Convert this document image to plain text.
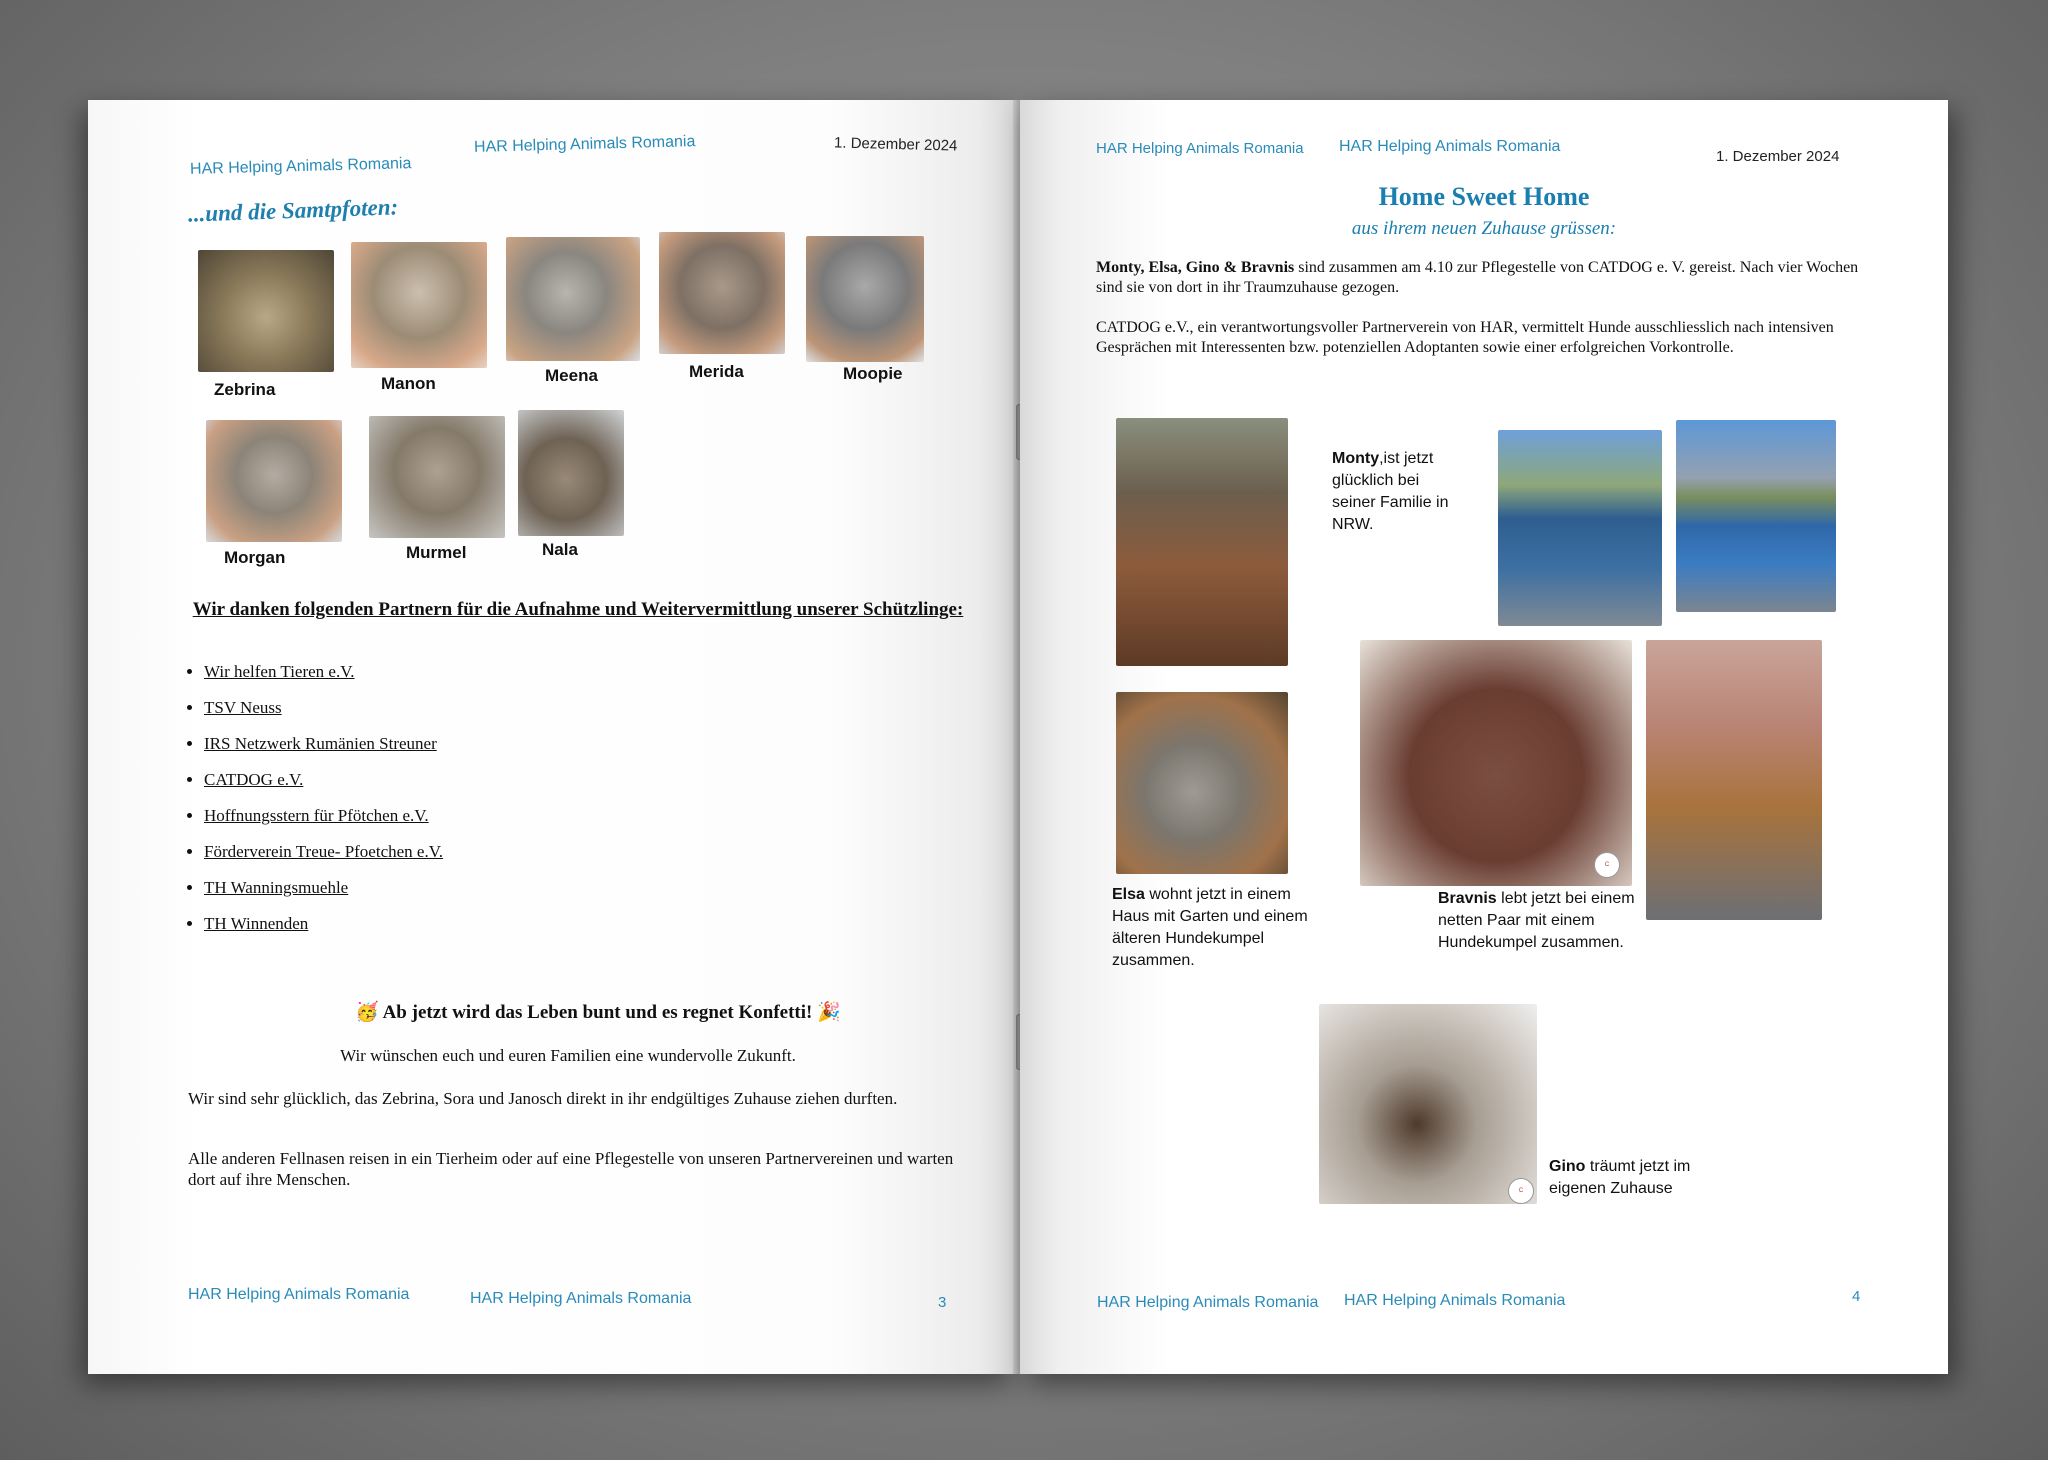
HAR Helping Animals Romania
HAR Helping Animals Romania	1. Dezember 2024
...und die Samtpfoten:
Zebrina	Manon	Meena	Merida	Moopie
Morgan	Murmel	Nala
Wir danken folgenden Partnern für die Aufnahme und Weitervermittlung unserer Schützlinge:
• Wir helfen Tieren e.V.
• TSV Neuss
• IRS Netzwerk Rumänien Streuner
• CATDOG e.V.
• Hoffnungsstern für Pfötchen e.V.
• Förderverein Treue- Pfoetchen e.V.
• TH Wanningsmuehle
• TH Winnenden
🥳 Ab jetzt wird das Leben bunt und es regnet Konfetti! 🎉
Wir wünschen euch und euren Familien eine wundervolle Zukunft.
Wir sind sehr glücklich, das Zebrina, Sora und Janosch direkt in ihr endgültiges Zuhause ziehen durften.
Alle anderen Fellnasen reisen in ein Tierheim oder auf eine Pflegestelle von unseren Partnervereinen und warten dort auf ihre Menschen.
HAR Helping Animals Romania	HAR Helping Animals Romania	3
HAR Helping Animals Romania HAR Helping Animals Romania
1. Dezember 2024
Home Sweet Home
aus ihrem neuen Zuhause grüssen:
Monty, Elsa, Gino & Bravnis sind zusammen am 4.10 zur Pflegestelle von CATDOG e. V. gereist. Nach vier Wochen sind sie von dort in ihr Traumzuhause gezogen.
CATDOG e.V., ein verantwortungsvoller Partnerverein von HAR, vermittelt Hunde ausschliesslich nach intensiven Gesprächen mit Interessenten bzw. potenziellen Adoptanten sowie einer erfolgreichen Vorkontrolle.
Monty,ist jetzt glücklich bei seiner Familie in NRW.
Elsa wohnt jetzt in einem Haus mit Garten und einem älteren Hundekumpel zusammen.
C
Bravnis lebt jetzt bei einem netten Paar mit einem Hundekumpel zusammen.
C
Gino träumt jetzt im eigenen Zuhause
HAR Helping Animals Romania HAR Helping Animals Romania	4
